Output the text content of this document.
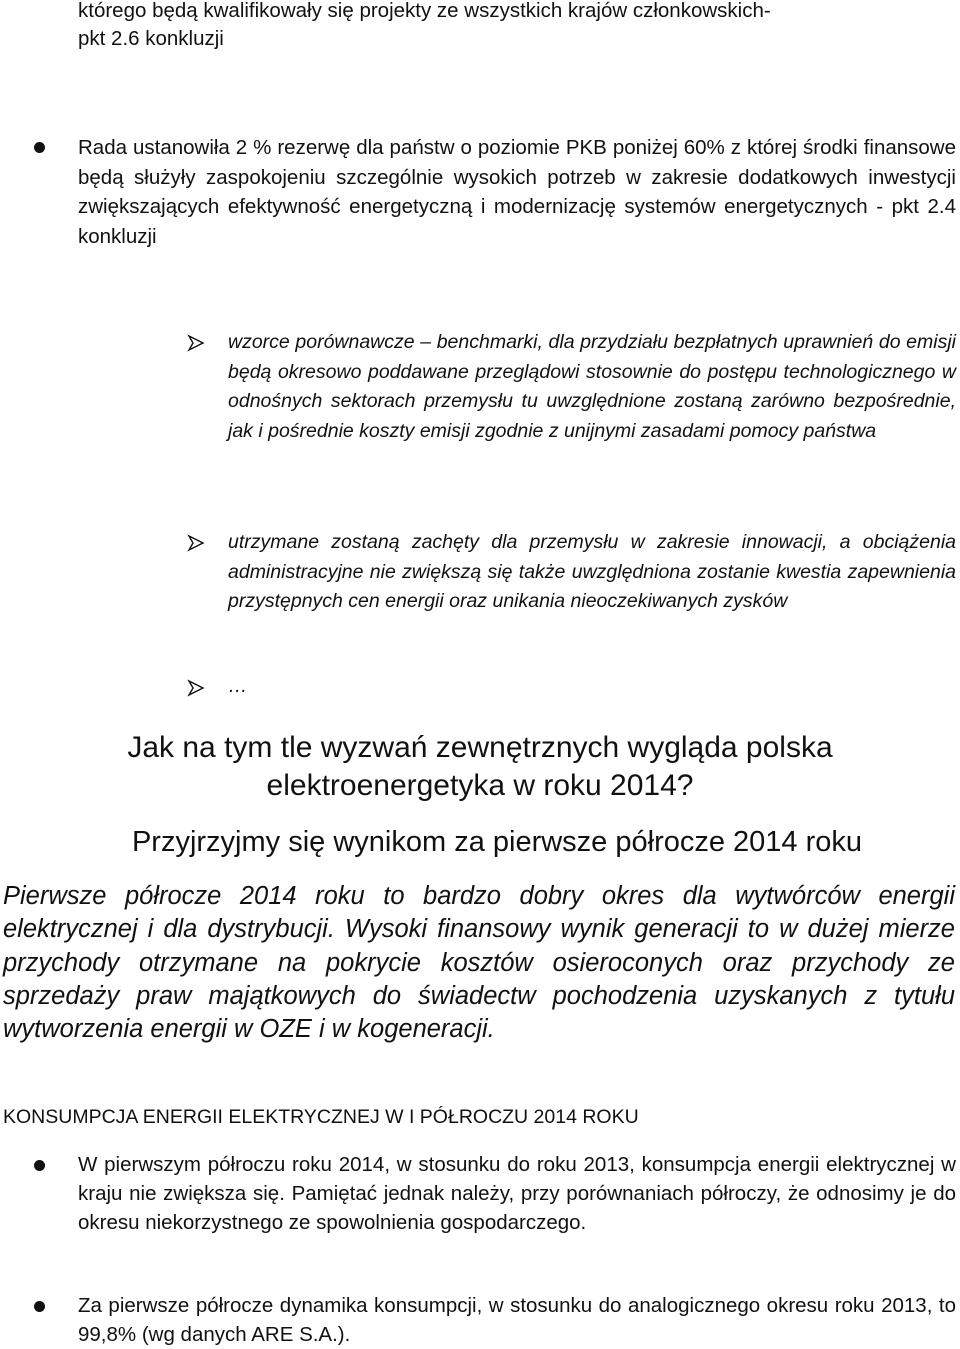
którego będą kwalifikowały się projekty ze wszystkich krajów członkowskich-
pkt 2.6 konkluzji
Rada ustanowiła 2 % rezerwę dla państw o poziomie PKB poniżej 60% z której środki finansowe będą służyły zaspokojeniu szczególnie wysokich potrzeb w zakresie dodatkowych inwestycji zwiększających efektywność energetyczną i modernizację systemów energetycznych - pkt 2.4 konkluzji
wzorce porównawcze – benchmarki, dla przydziału bezpłatnych uprawnień do emisji będą okresowo poddawane przeglądowi stosownie do postępu technologicznego w odnośnych sektorach przemysłu tu uwzględnione zostaną zarówno bezpośrednie, jak i pośrednie koszty emisji zgodnie z unijnymi zasadami pomocy państwa
utrzymane zostaną zachęty dla przemysłu w zakresie innowacji, a obciążenia administracyjne nie zwiększą się także uwzględniona zostanie kwestia zapewnienia przystępnych cen energii oraz unikania nieoczekiwanych zysków
…
Jak na tym tle wyzwań zewnętrznych wygląda polska
elektroenergetyka w roku 2014?
Przyjrzyjmy się wynikom za pierwsze półrocze 2014 roku
Pierwsze półrocze 2014 roku to bardzo dobry okres dla wytwórców energii elektrycznej i dla dystrybucji. Wysoki finansowy wynik generacji to w dużej mierze przychody otrzymane na pokrycie kosztów osieroconych oraz przychody ze sprzedaży praw majątkowych do świadectw pochodzenia uzyskanych z tytułu wytworzenia energii w OZE i w kogeneracji.
KONSUMPCJA ENERGII ELEKTRYCZNEJ W I PÓŁROCZU 2014 ROKU
W pierwszym półroczu roku 2014, w stosunku do roku 2013, konsumpcja energii elektrycznej w kraju nie zwiększa się. Pamiętać jednak należy, przy porównaniach półroczy, że odnosimy je do okresu niekorzystnego ze spowolnienia gospodarczego.
Za pierwsze półrocze dynamika konsumpcji, w stosunku do analogicznego okresu roku 2013, to 99,8% (wg danych ARE S.A.).
